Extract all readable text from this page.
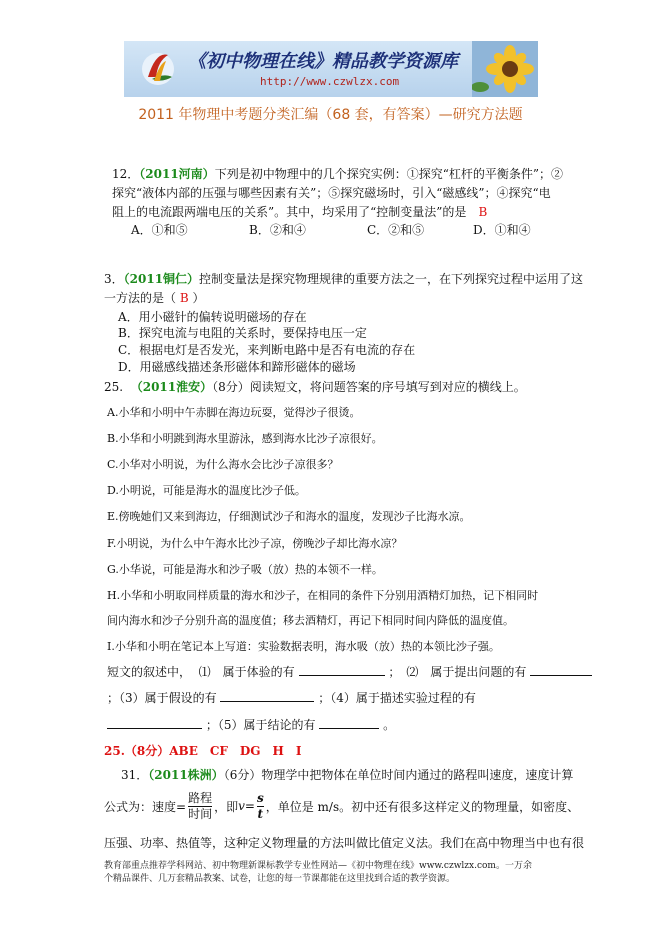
《初中物理在线》精品教学资源库
http://www.czwlzx.com
2011 年物理中考题分类汇编（68 套，有答案）—研究方法题
12．（2011河南）下列是初中物理中的几个探究实例：①探究“杠杆的平衡条件”；②
探究“液体内部的压强与哪些因素有关”；⑤探究磁场时，引入“磁感线”；④探究“电
阻上的电流跟两端电压的关系”。其中，均采用了“控制变量法”的是　 B
A．①和⑤	B．②和④	C．②和⑤	D．①和④
3．（2011铜仁）控制变量法是探究物理规律的重要方法之一，在下列探究过程中运用了这
一方法的是（ B ）
A．用小磁针的偏转说明磁场的存在
B．探究电流与电阻的关系时，要保持电压一定
C．根据电灯是否发光，来判断电路中是否有电流的存在
D．用磁感线描述条形磁体和蹄形磁体的磁场
25. （2011淮安）（8分）阅读短文，将问题答案的序号填写到对应的横线上。
A.小华和小明中午赤脚在海边玩耍，觉得沙子很烫。
B.小华和小明跳到海水里游泳，感到海水比沙子凉很好。
C.小华对小明说，为什么海水会比沙子凉很多？
D.小明说，可能是海水的温度比沙子低。
E.傍晚她们又来到海边，仔细测试沙子和海水的温度，发现沙子比海水凉。
F.小明说，为什么中午海水比沙子凉，傍晚沙子却比海水凉？
G.小华说，可能是海水和沙子吸（放）热的本领不一样。
H.小华和小明取同样质量的海水和沙子，在相同的条件下分别用酒精灯加热，记下相同时
间内海水和沙子分别升高的温度值；移去酒精灯，再记下相同时间内降低的温度值。
I.小华和小明在笔记本上写道：实验数据表明，海水吸（放）热的本领比沙子强。
短文的叙述中， ⑴　属于体验的有	；　⑵　属于提出问题的有
；（3）属于假设的有	；（4）属于描述实验过程的有
；（5）属于结论的有	。
25.（8分）ABE　CF　DG　H　I
31．（2011株洲）（6分）物理学中把物体在单位时间内通过的路程叫速度，速度计算
公式为：速度= $\frac{\text{路程}}{\text{时间}}$ ，即 $v= \frac{s}{t}$ ，单位是 m/s。初中还有很多这样定义的物理量，如密度、
压强、功率、热值等，这种定义物理量的方法叫做比值定义法。我们在高中物理当中也有很
教育部重点推荐学科网站、初中物理新课标教学专业性网站—《初中物理在线》www.czwlzx.com。一万余
个精品课件、几万套精品教案、试卷，让您的每一节课都能在这里找到合适的教学资源。
